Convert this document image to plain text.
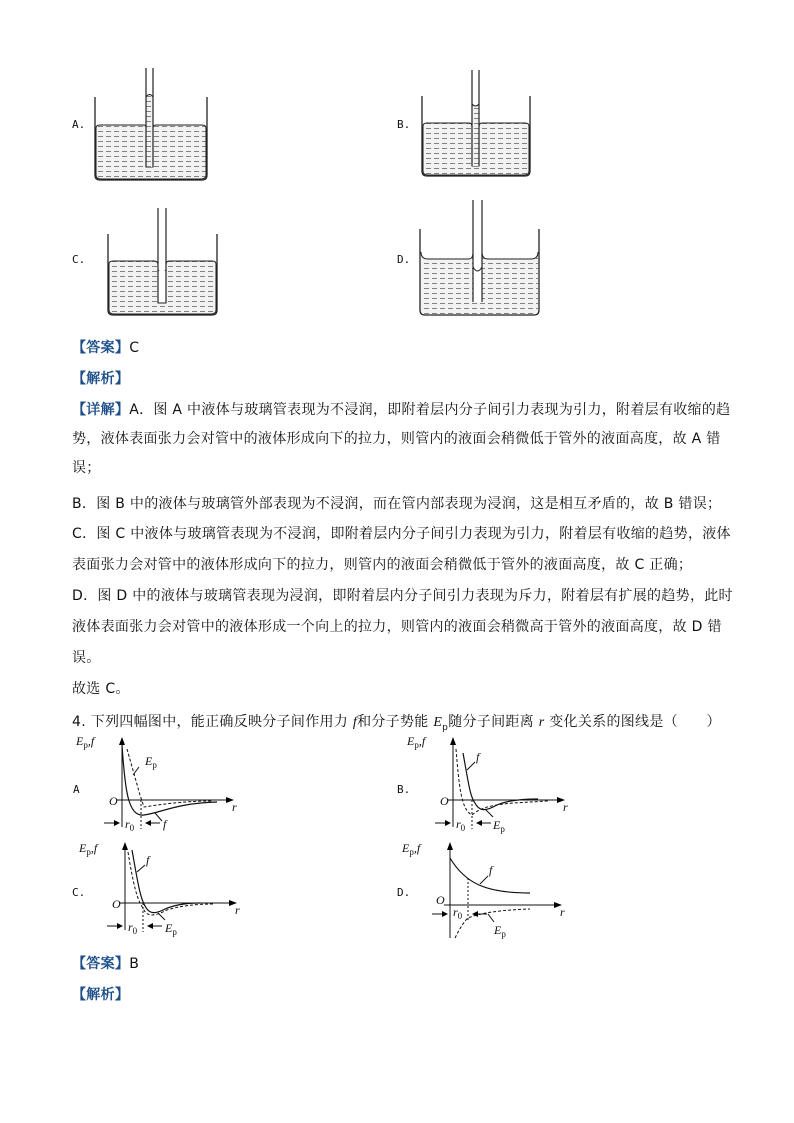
A.	B.
C.	D.
【答案】C
【解析】
【详解】A．图 A 中液体与玻璃管表现为不浸润，即附着层内分子间引力表现为引力，附着层有收缩的趋
势，液体表面张力会对管中的液体形成向下的拉力，则管内的液面会稍微低于管外的液面高度，故 A 错
误；
B．图 B 中的液体与玻璃管外部表现为不浸润，而在管内部表现为浸润，这是相互矛盾的，故 B 错误；
C．图 C 中液体与玻璃管表现为不浸润，即附着层内分子间引力表现为引力，附着层有收缩的趋势，液体
表面张力会对管中的液体形成向下的拉力，则管内的液面会稍微低于管外的液面高度，故 C 正确；
D．图 D 中的液体与玻璃管表现为浸润，即附着层内分子间引力表现为斥力，附着层有扩展的趋势，此时
液体表面张力会对管中的液体形成一个向上的拉力，则管内的液面会稍微高于管外的液面高度，故 D 错
误。
故选 C。
4. 下列四幅图中，能正确反映分子间作用力 f和分子势能 $E_p$随分子间距离 r 变化关系的图线是（　　）
A
$E_p,f$
O	r
$r_0$
$E_p$
f
B.
$E_p,f$
O	r
$r_0$
f
$E_p$
C.
$E_p,f$
O	r
$r_0$
f
$E_p$
D.
$E_p,f$
O
r
$r_0$
f
$E_p$
【答案】B
【解析】
